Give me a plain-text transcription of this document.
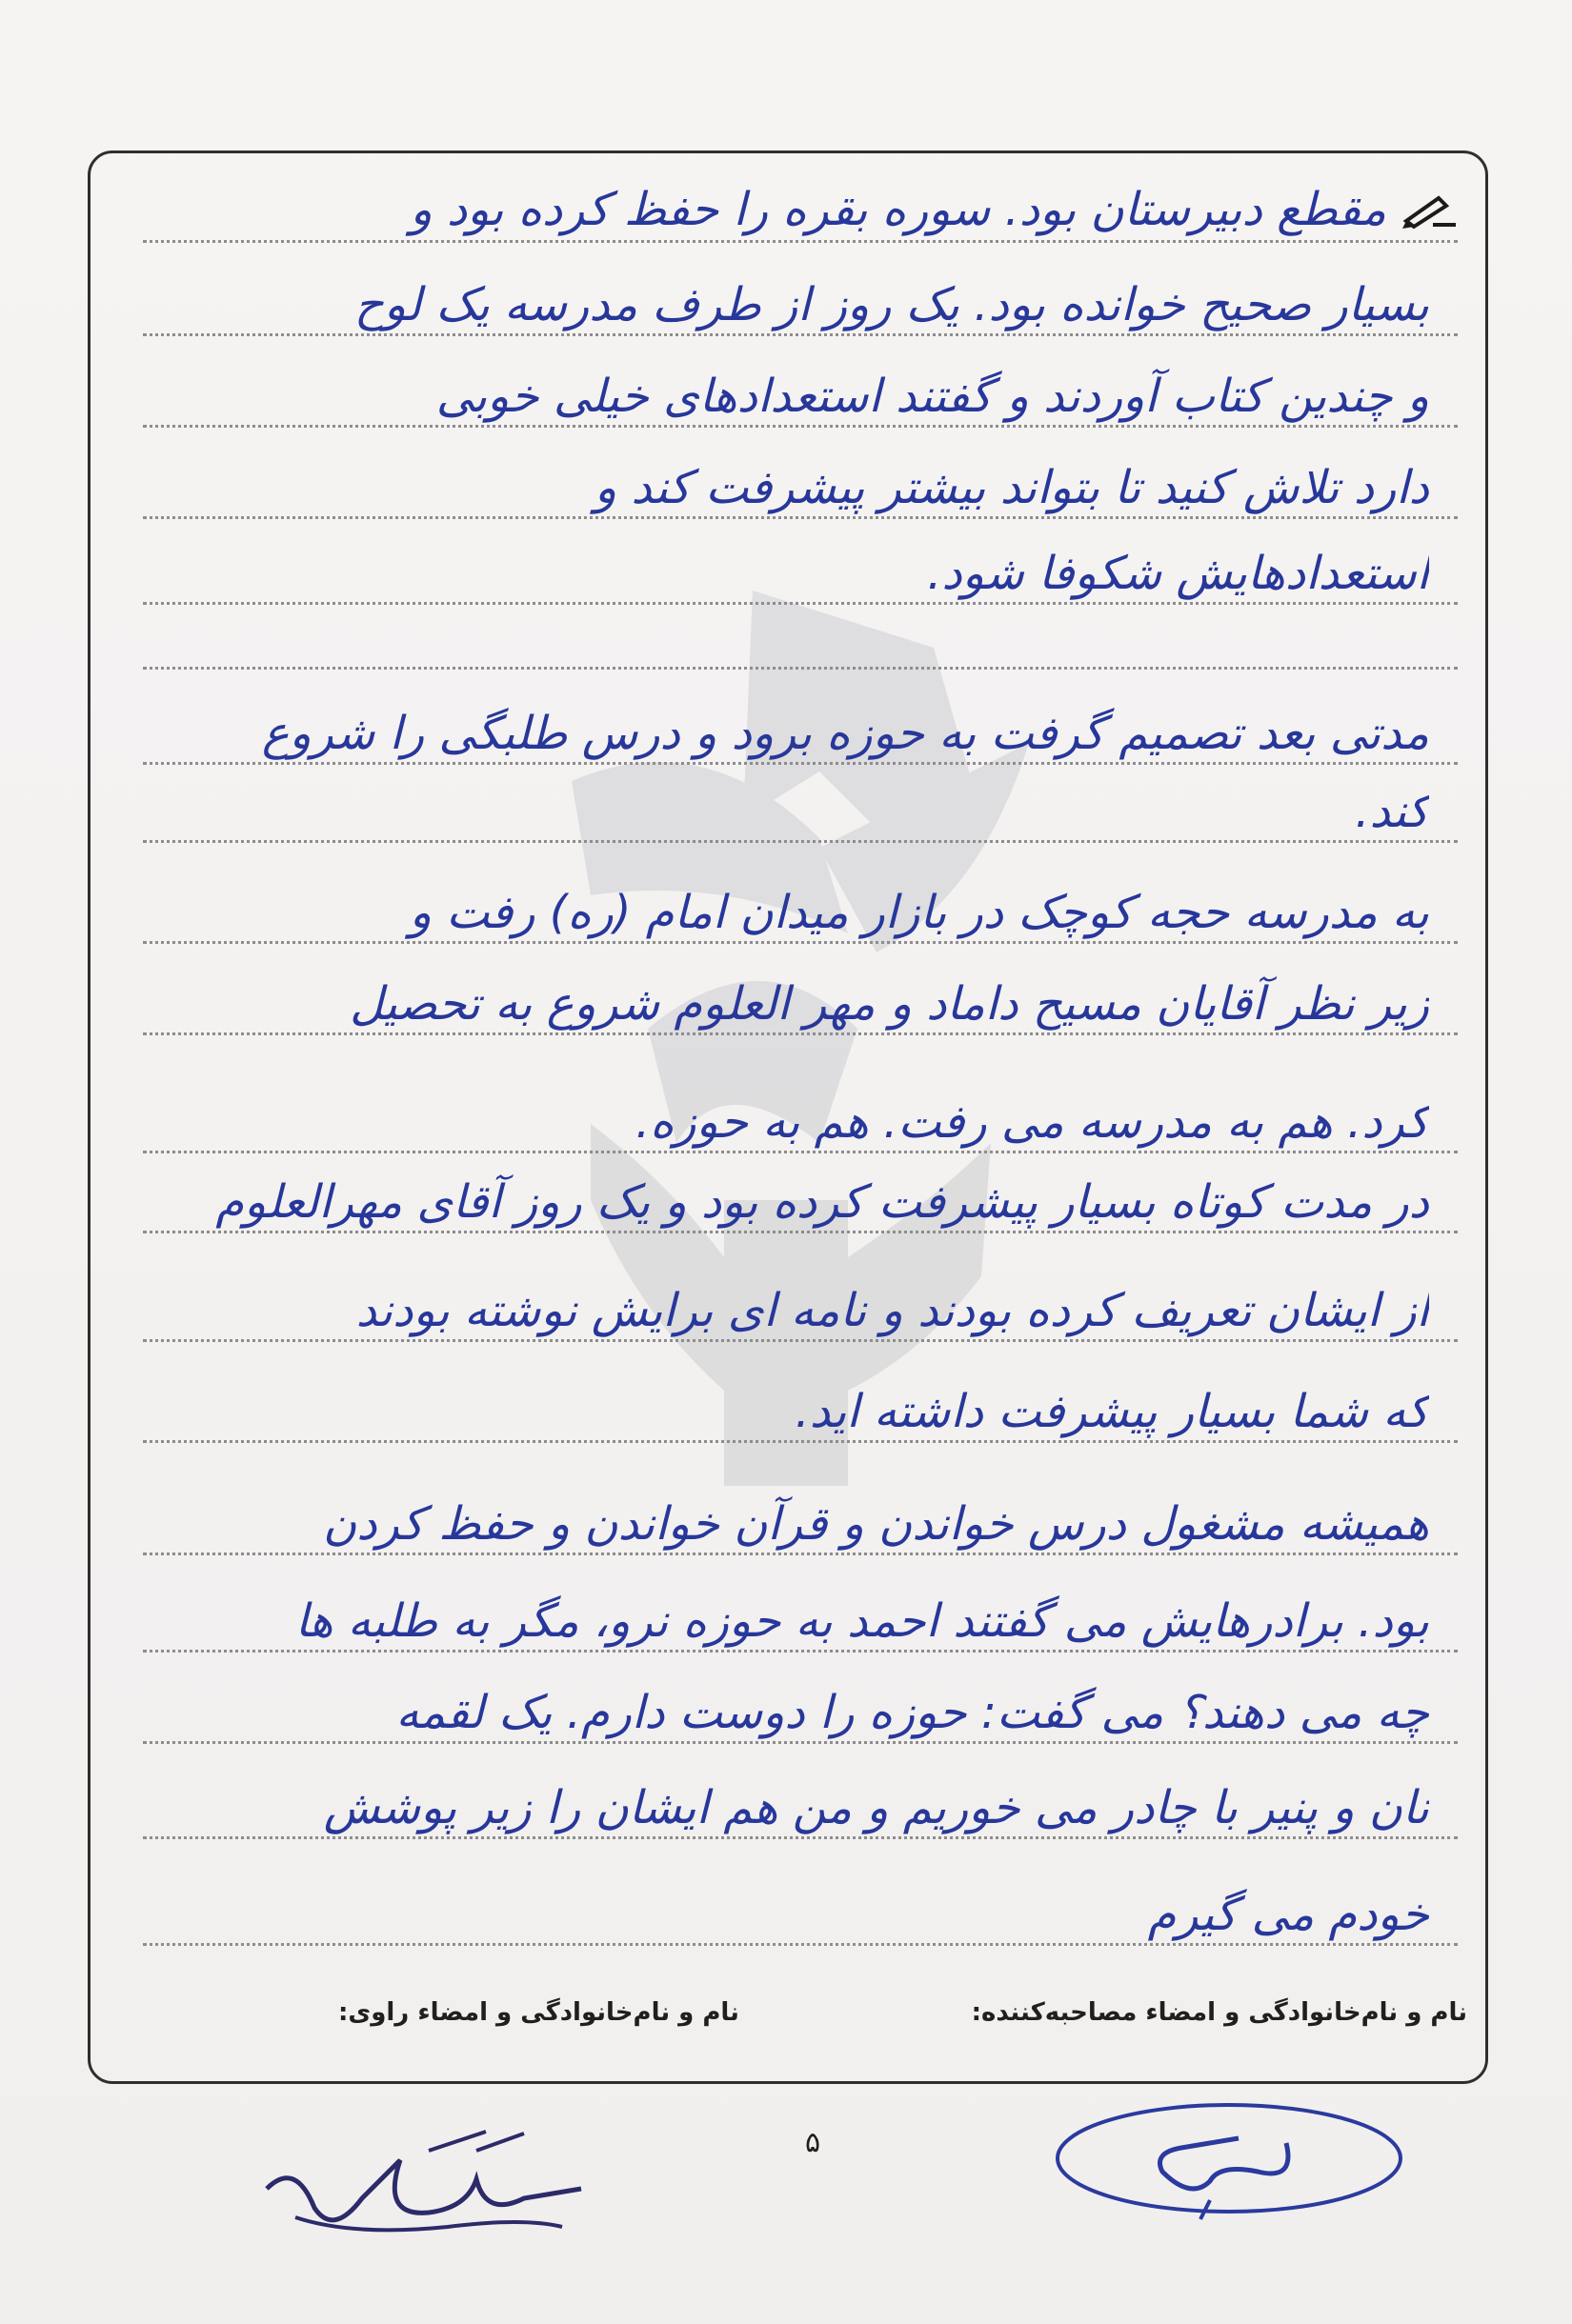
مقطع دبیرستان بود. سوره بقره را حفظ کرده بود و
بسیار صحیح خوانده بود. یک روز از طرف مدرسه یک لوح
و چندین کتاب آوردند و گفتند استعدادهای خیلی خوبی
دارد تلاش کنید تا بتواند بیشتر پیشرفت کند و
استعدادهایش شکوفا شود.
مدتی بعد تصمیم گرفت به حوزه برود و درس طلبگی را شروع
کند.
به مدرسه حجه کوچک در بازار میدان امام (ره) رفت و
زیر نظر آقایان مسیح داماد و مهر العلوم شروع به تحصیل
کرد. هم به مدرسه می رفت. هم به حوزه.
در مدت کوتاه بسیار پیشرفت کرده بود و یک روز آقای مهرالعلوم
از ایشان تعریف کرده بودند و نامه ای برایش نوشته بودند
که شما بسیار پیشرفت داشته اید.
همیشه مشغول درس خواندن و قرآن خواندن و حفظ کردن
بود. برادرهایش می گفتند احمد به حوزه نرو، مگر به طلبه ها
چه می دهند؟ می گفت: حوزه را دوست دارم. یک لقمه
نان و پنیر با چادر می خوریم و من هم ایشان را زیر پوشش
خودم می گیرم
نام و نام‌خانوادگی و امضاء مصاحبه‌کننده:
نام و نام‌خانوادگی و امضاء راوی:
۵
